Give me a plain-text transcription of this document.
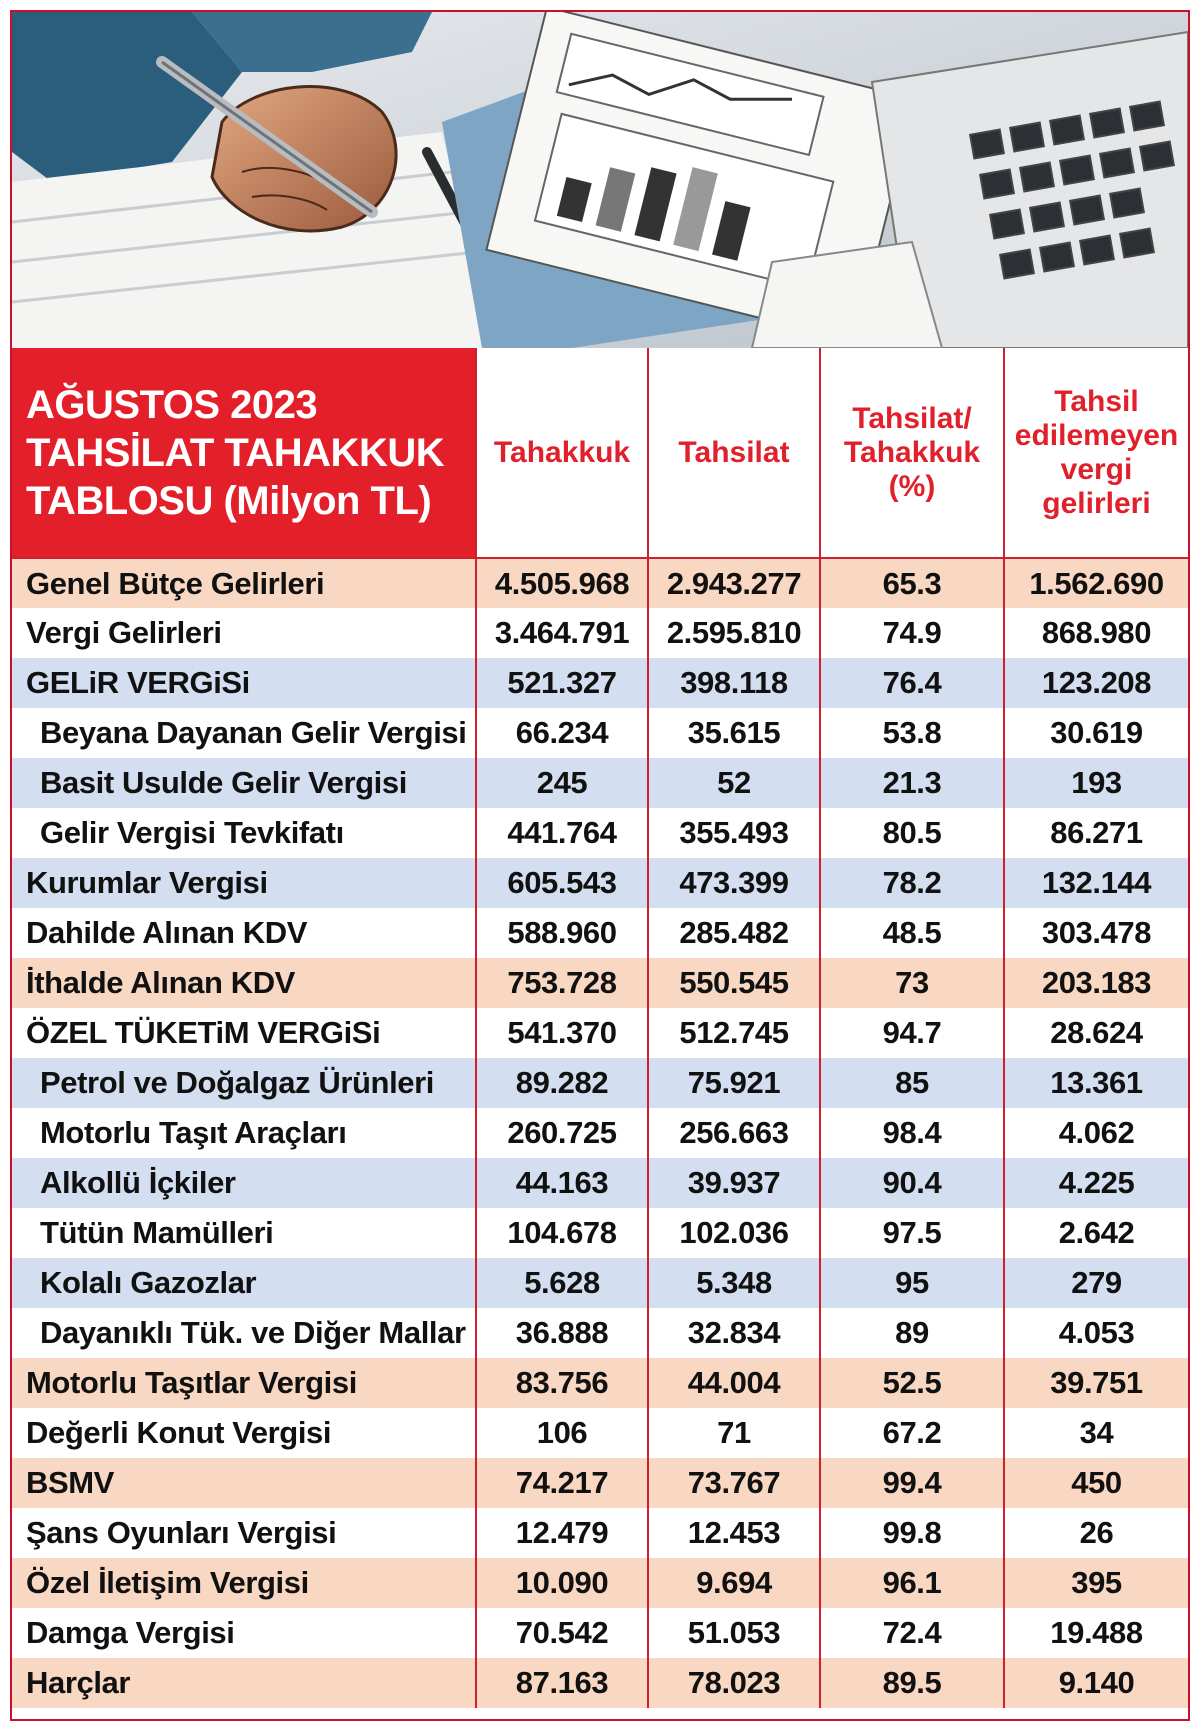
AĞUSTOS 2023
TAHSİLAT TAHAKKUK
TABLOSU (Milyon TL)	Tahakkuk	Tahsilat	Tahsilat/ Tahakkuk (%)	Tahsil edilemeyen vergi gelirleri
Genel Bütçe Gelirleri	4.505.968	2.943.277	65.3	1.562.690
Vergi Gelirleri	3.464.791	2.595.810	74.9	868.980
GELiR VERGiSi	521.327	398.118	76.4	123.208
Beyana Dayanan Gelir Vergisi	66.234	35.615	53.8	30.619
Basit Usulde Gelir Vergisi	245	52	21.3	193
Gelir Vergisi Tevkifatı	441.764	355.493	80.5	86.271
Kurumlar Vergisi	605.543	473.399	78.2	132.144
Dahilde Alınan KDV	588.960	285.482	48.5	303.478
İthalde Alınan KDV	753.728	550.545	73	203.183
ÖZEL TÜKETiM VERGiSi	541.370	512.745	94.7	28.624
Petrol ve Doğalgaz Ürünleri	89.282	75.921	85	13.361
Motorlu Taşıt Araçları	260.725	256.663	98.4	4.062
Alkollü İçkiler	44.163	39.937	90.4	4.225
Tütün Mamülleri	104.678	102.036	97.5	2.642
Kolalı Gazozlar	5.628	5.348	95	279
Dayanıklı Tük. ve Diğer Mallar	36.888	32.834	89	4.053
Motorlu Taşıtlar Vergisi	83.756	44.004	52.5	39.751
Değerli Konut Vergisi	106	71	67.2	34
BSMV	74.217	73.767	99.4	450
Şans Oyunları Vergisi	12.479	12.453	99.8	26
Özel İletişim Vergisi	10.090	9.694	96.1	395
Damga Vergisi	70.542	51.053	72.4	19.488
Harçlar	87.163	78.023	89.5	9.140
